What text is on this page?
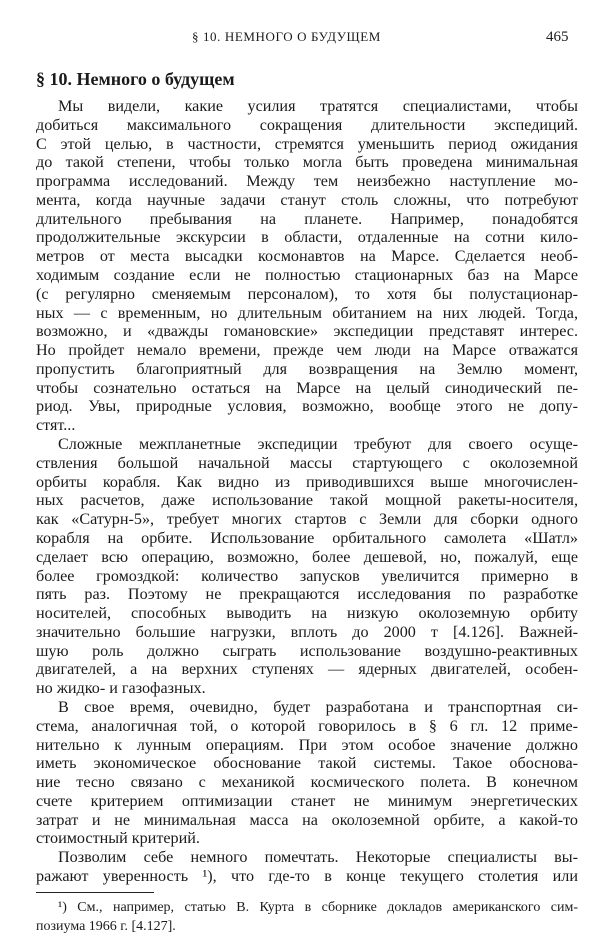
§ 10. НЕМНОГО О БУДУЩЕМ	465
§ 10. Немного о будущем
Мы видели, какие усилия тратятся специалистами, чтобы
добиться максимального сокращения длительности экспедиций.
С этой целью, в частности, стремятся уменьшить период ожидания
до такой степени, чтобы только могла быть проведена минимальная
программа исследований. Между тем неизбежно наступление мо-
мента, когда научные задачи станут столь сложны, что потребуют
длительного пребывания на планете. Например, понадобятся
продолжительные экскурсии в области, отдаленные на сотни кило-
метров от места высадки космонавтов на Марсе. Сделается необ-
ходимым создание если не полностью стационарных баз на Марсе
(с регулярно сменяемым персоналом), то хотя бы полустационар-
ных — с временным, но длительным обитанием на них людей. Тогда,
возможно, и «дважды гомановские» экспедиции представят интерес.
Но пройдет немало времени, прежде чем люди на Марсе отважатся
пропустить благоприятный для возвращения на Землю момент,
чтобы сознательно остаться на Марсе на целый синодический пе-
риод. Увы, природные условия, возможно, вообще этого не допу-
стят...
Сложные межпланетные экспедиции требуют для своего осуще-
ствления большой начальной массы стартующего с околоземной
орбиты корабля. Как видно из приводившихся выше многочислен-
ных расчетов, даже использование такой мощной ракеты-носителя,
как «Сатурн-5», требует многих стартов с Земли для сборки одного
корабля на орбите. Использование орбитального самолета «Шатл»
сделает всю операцию, возможно, более дешевой, но, пожалуй, еще
более громоздкой: количество запусков увеличится примерно в
пять раз. Поэтому не прекращаются исследования по разработке
носителей, способных выводить на низкую околоземную орбиту
значительно большие нагрузки, вплоть до 2000 т [4.126]. Важней-
шую роль должно сыграть использование воздушно-реактивных
двигателей, а на верхних ступенях — ядерных двигателей, особен-
но жидко- и газофазных.
В свое время, очевидно, будет разработана и транспортная си-
стема, аналогичная той, о которой говорилось в § 6 гл. 12 приме-
нительно к лунным операциям. При этом особое значение должно
иметь экономическое обоснование такой системы. Такое обоснова-
ние тесно связано с механикой космического полета. В конечном
счете критерием оптимизации станет не минимум энергетических
затрат и не минимальная масса на околоземной орбите, а какой-то
стоимостный критерий.
Позволим себе немного помечтать. Некоторые специалисты вы-
ражают уверенность ¹), что где-то в конце текущего столетия или
¹) См., например, статью В. Курта в сборнике докладов американского сим-
позиума 1966 г. [4.127].
